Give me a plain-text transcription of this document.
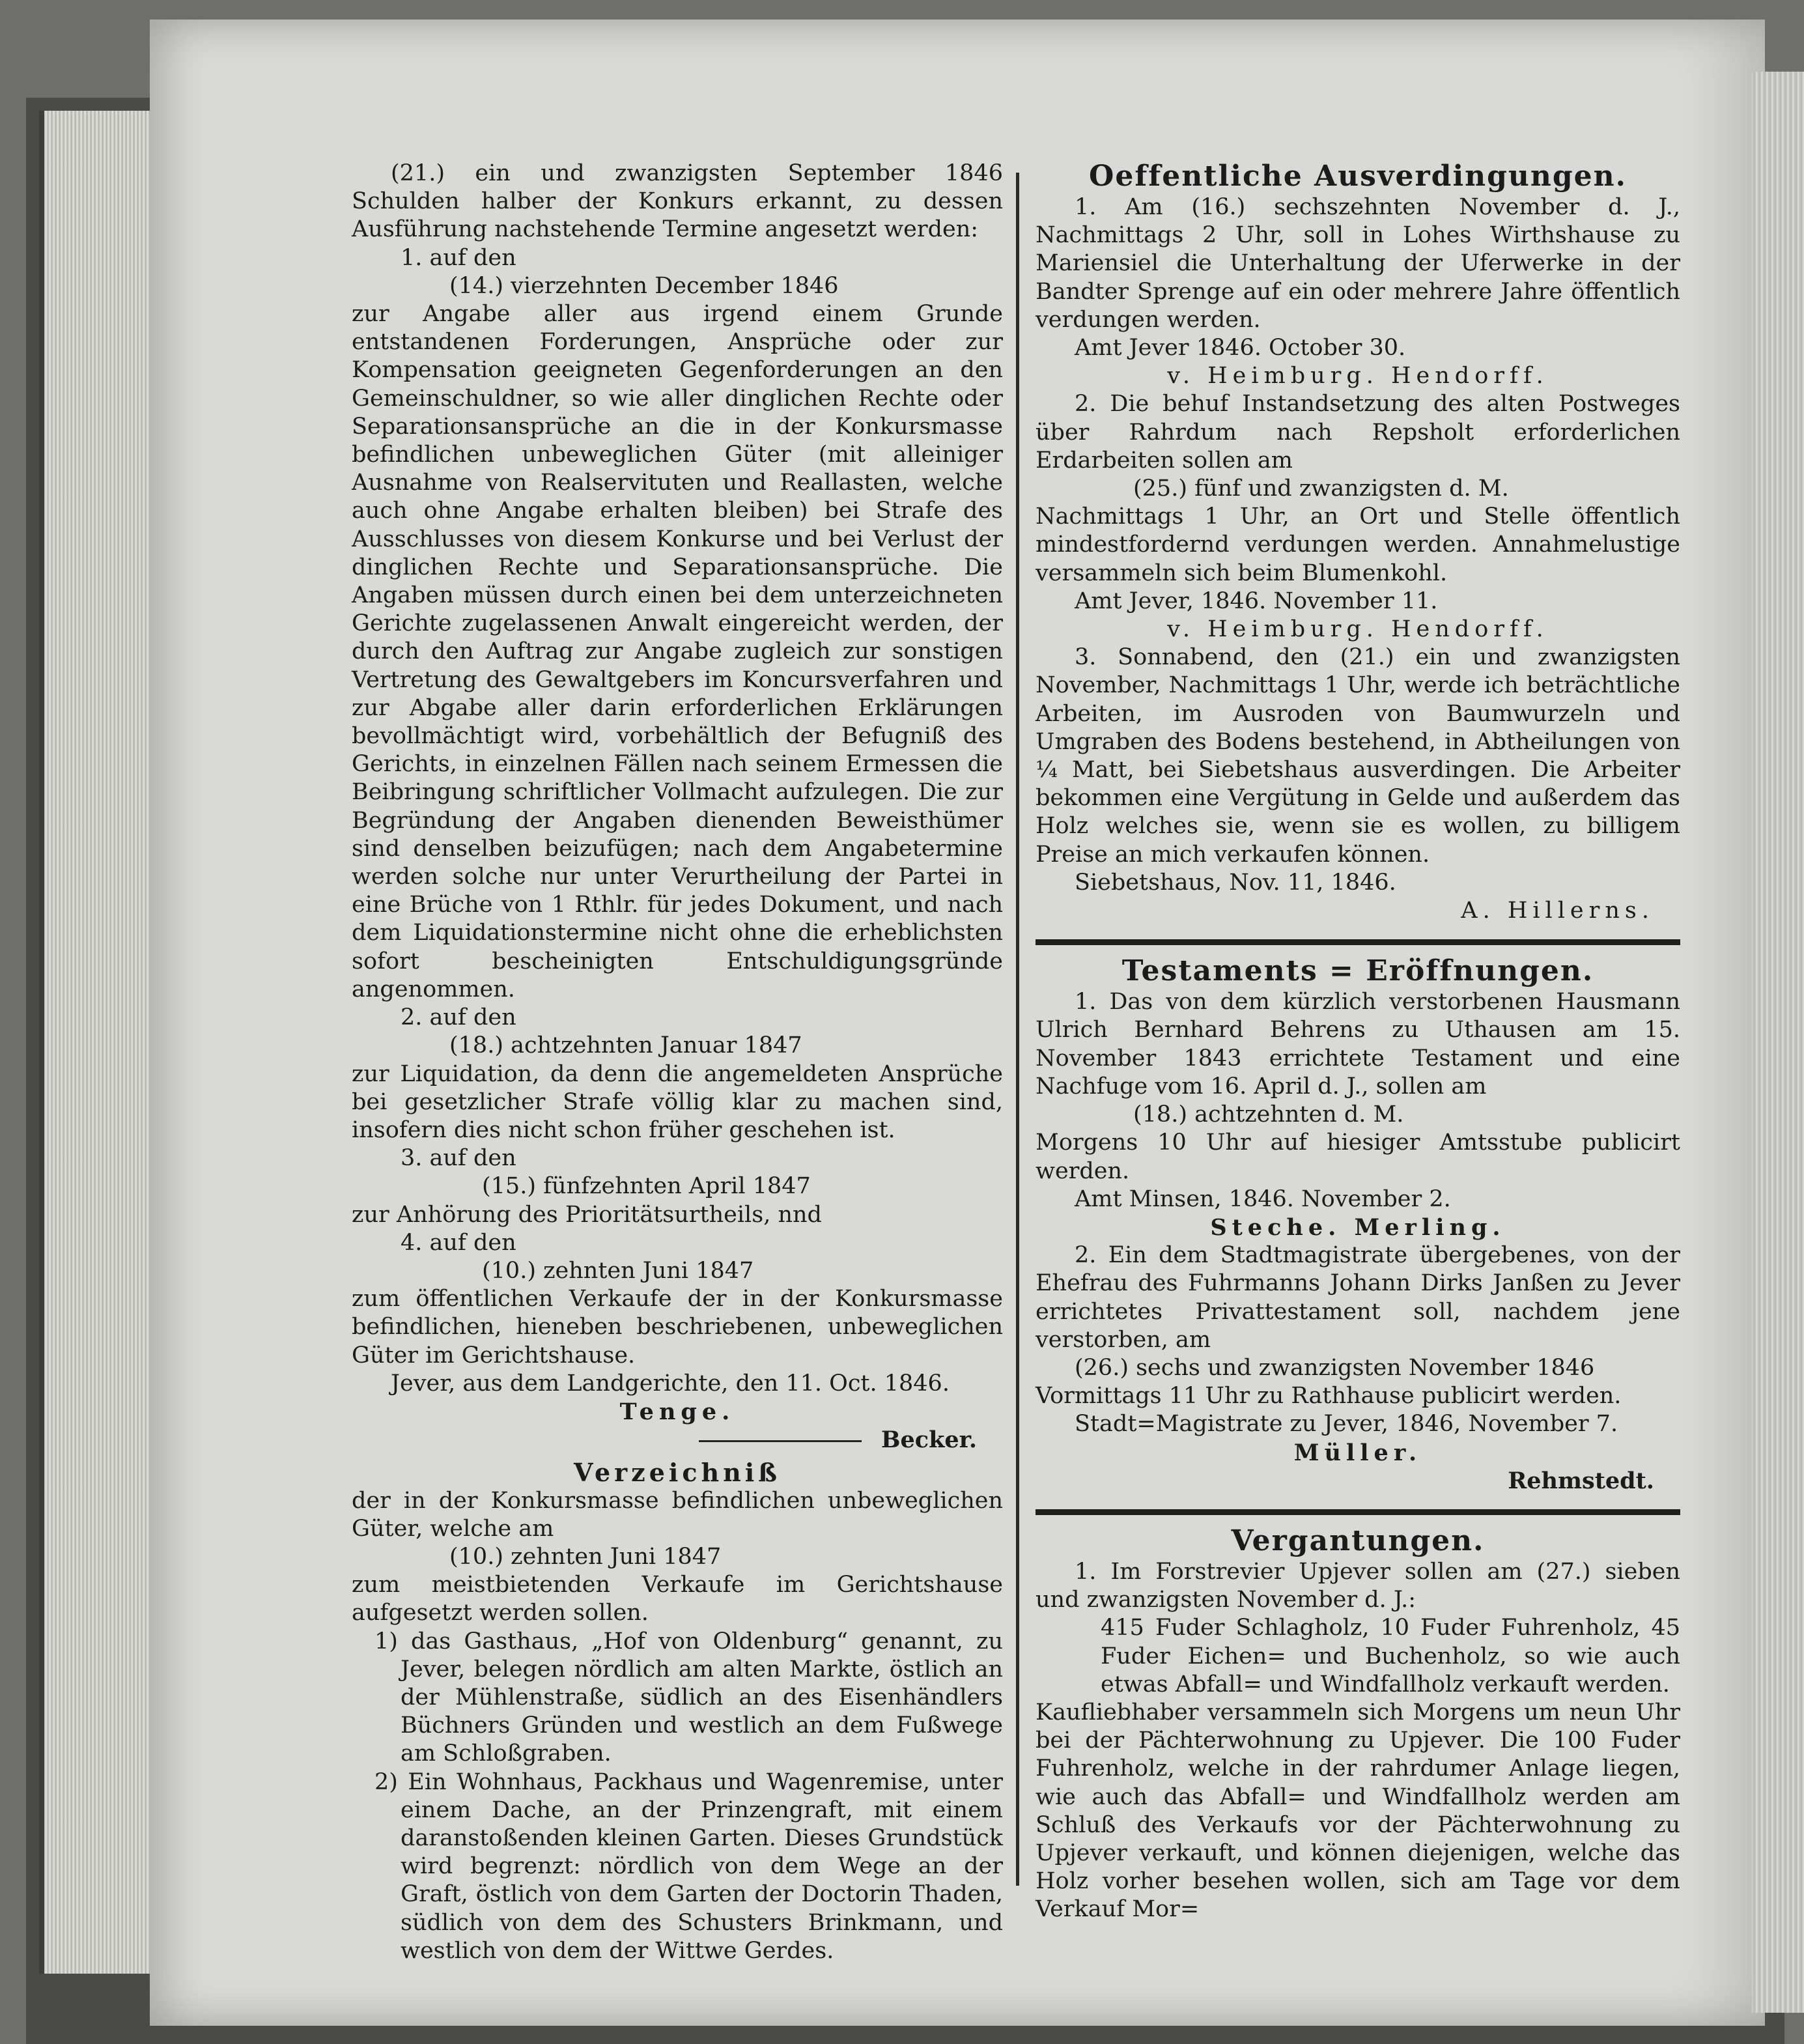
(21.) ein und zwanzigsten September 1846 Schulden halber der Konkurs erkannt, zu dessen Ausführung nachstehende Termine angesetzt werden:

1. auf den

(14.) vierzehnten December 1846

zur Angabe aller aus irgend einem Grunde entstandenen Forderungen, Ansprüche oder zur Kompensation geeigneten Gegenforderungen an den Gemeinschuldner, so wie aller dinglichen Rechte oder Separationsansprüche an die in der Konkursmasse befindlichen unbeweglichen Güter (mit alleiniger Ausnahme von Realservituten und Reallasten, welche auch ohne Angabe erhalten bleiben) bei Strafe des Ausschlusses von diesem Konkurse und bei Verlust der dinglichen Rechte und Separationsansprüche. Die Angaben müssen durch einen bei dem unterzeichneten Gerichte zugelassenen Anwalt eingereicht werden, der durch den Auftrag zur Angabe zugleich zur sonstigen Vertretung des Gewaltgebers im Koncursverfahren und zur Abgabe aller darin erforderlichen Erklärungen bevollmächtigt wird, vorbehältlich der Befugniß des Gerichts, in einzelnen Fällen nach seinem Ermessen die Beibringung schriftlicher Vollmacht aufzulegen. Die zur Begründung der Angaben dienenden Beweisthümer sind denselben beizufügen; nach dem Angabetermine werden solche nur unter Verurtheilung der Partei in eine Brüche von 1 Rthlr. für jedes Dokument, und nach dem Liquidationstermine nicht ohne die erheblichsten sofort bescheinigten Entschuldigungsgründe angenommen.

2. auf den

(18.) achtzehnten Januar 1847

zur Liquidation, da denn die angemeldeten Ansprüche bei gesetzlicher Strafe völlig klar zu machen sind, insofern dies nicht schon früher geschehen ist.

3. auf den

(15.) fünfzehnten April 1847

zur Anhörung des Prioritätsurtheils, nnd

4. auf den

(10.) zehnten Juni 1847

zum öffentlichen Verkaufe der in der Konkursmasse befindlichen, hieneben beschriebenen, unbeweglichen Güter im Gerichtshause.

Jever, aus dem Landgerichte, den 11. Oct. 1846.

Tenge.

Becker.

Verzeichniß

der in der Konkursmasse befindlichen unbeweglichen Güter, welche am

(10.) zehnten Juni 1847

zum meistbietenden Verkaufe im Gerichtshause aufgesetzt werden sollen.

1) das Gasthaus, „Hof von Oldenburg“ genannt, zu Jever, belegen nördlich am alten Markte, östlich an der Mühlenstraße, südlich an des Eisenhändlers Büchners Gründen und westlich an dem Fußwege am Schloßgraben.

2) Ein Wohnhaus, Packhaus und Wagenremise, unter einem Dache, an der Prinzengraft, mit einem daranstoßenden kleinen Garten. Dieses Grundstück wird begrenzt: nördlich von dem Wege an der Graft, östlich von dem Garten der Doctorin Thaden, südlich von dem des Schusters Brinkmann, und westlich von dem der Wittwe Gerdes.

Oeffentliche Ausverdingungen.

1. Am (16.) sechszehnten November d. J., Nachmittags 2 Uhr, soll in Lohes Wirthshause zu Mariensiel die Unterhaltung der Uferwerke in der Bandter Sprenge auf ein oder mehrere Jahre öffentlich verdungen werden.

Amt Jever 1846. October 30.

v. Heimburg. Hendorff.

2. Die behuf Instandsetzung des alten Postweges über Rahrdum nach Repsholt erforderlichen Erdarbeiten sollen am

(25.) fünf und zwanzigsten d. M.

Nachmittags 1 Uhr, an Ort und Stelle öffentlich mindestfordernd verdungen werden. Annahmelustige versammeln sich beim Blumenkohl.

Amt Jever, 1846. November 11.

v. Heimburg. Hendorff.

3. Sonnabend, den (21.) ein und zwanzigsten November, Nachmittags 1 Uhr, werde ich beträchtliche Arbeiten, im Ausroden von Baumwurzeln und Umgraben des Bodens bestehend, in Abtheilungen von ¼ Matt, bei Siebetshaus ausverdingen. Die Arbeiter bekommen eine Vergütung in Gelde und außerdem das Holz welches sie, wenn sie es wollen, zu billigem Preise an mich verkaufen können.

Siebetshaus, Nov. 11, 1846.

A. Hillerns.

Testaments = Eröffnungen.

1. Das von dem kürzlich verstorbenen Hausmann Ulrich Bernhard Behrens zu Uthausen am 15. November 1843 errichtete Testament und eine Nachfuge vom 16. April d. J., sollen am

(18.) achtzehnten d. M.

Morgens 10 Uhr auf hiesiger Amtsstube publicirt werden.

Amt Minsen, 1846. November 2.

Steche. Merling.

2. Ein dem Stadtmagistrate übergebenes, von der Ehefrau des Fuhrmanns Johann Dirks Janßen zu Jever errichtetes Privattestament soll, nachdem jene verstorben, am

(26.) sechs und zwanzigsten November 1846

Vormittags 11 Uhr zu Rathhause publicirt werden.

Stadt=Magistrate zu Jever, 1846, November 7.

Müller.

Rehmstedt.

Vergantungen.

1. Im Forstrevier Upjever sollen am (27.) sieben und zwanzigsten November d. J.:

415 Fuder Schlagholz, 10 Fuder Fuhrenholz, 45 Fuder Eichen= und Buchenholz, so wie auch etwas Abfall= und Windfallholz verkauft werden.

Kaufliebhaber versammeln sich Morgens um neun Uhr bei der Pächterwohnung zu Upjever. Die 100 Fuder Fuhrenholz, welche in der rahrdumer Anlage liegen, wie auch das Abfall= und Windfallholz werden am Schluß des Verkaufs vor der Pächterwohnung zu Upjever verkauft, und können diejenigen, welche das Holz vorher besehen wollen, sich am Tage vor dem Verkauf Mor=
